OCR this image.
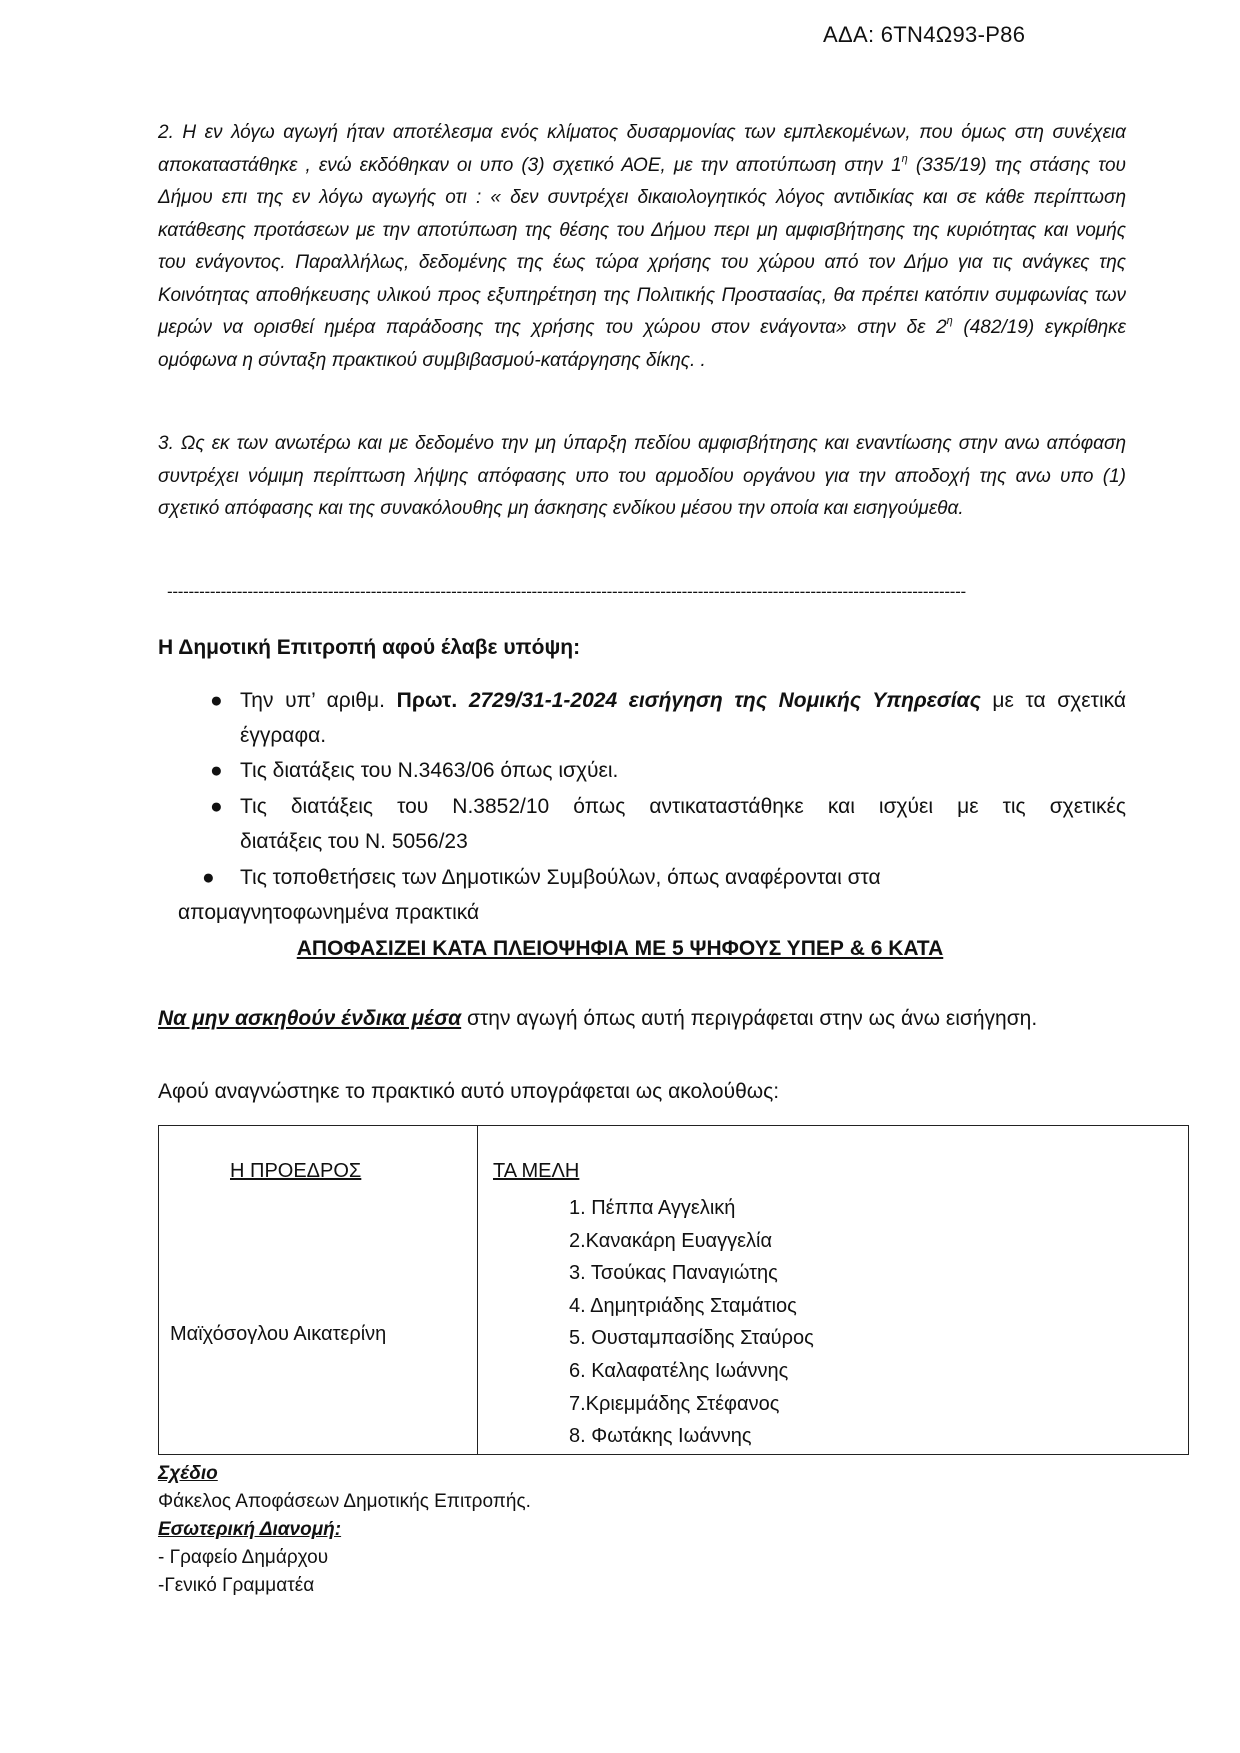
ΑΔΑ: 6ΤΝ4Ω93-Ρ86
2. Η εν λόγω αγωγή ήταν αποτέλεσμα ενός κλίματος δυσαρμονίας των εμπλεκομένων, που όμως στη συνέχεια αποκαταστάθηκε , ενώ εκδόθηκαν οι υπο (3) σχετικό ΑΟΕ, με την αποτύπωση στην $1^\eta$ (335/19) της στάσης του Δήμου επι της εν λόγω αγωγής οτι : « δεν συντρέχει δικαιολογητικός λόγος αντιδικίας και σε κάθε περίπτωση κατάθεσης προτάσεων με την αποτύπωση της θέσης του Δήμου περι μη αμφισβήτησης της κυριότητας και νομής του ενάγοντος. Παραλλήλως, δεδομένης της έως τώρα χρήσης του χώρου από τον Δήμο για τις ανάγκες της Κοινότητας αποθήκευσης υλικού προς εξυπηρέτηση της Πολιτικής Προστασίας, θα πρέπει κατόπιν συμφωνίας των μερών να ορισθεί ημέρα παράδοσης της χρήσης του χώρου στον ενάγοντα» στην δε $2^\eta$ (482/19) εγκρίθηκε ομόφωνα η σύνταξη πρακτικού συμβιβασμού-κατάργησης δίκης. .
3. Ως εκ των ανωτέρω και με δεδομένο την μη ύπαρξη πεδίου αμφισβήτησης και εναντίωσης στην ανω απόφαση συντρέχει νόμιμη περίπτωση λήψης απόφασης υπο του αρμοδίου οργάνου για την αποδοχή της ανω υπο (1) σχετικό απόφασης και της συνακόλουθης μη άσκησης ενδίκου μέσου την οποία και εισηγούμεθα.
-----------------------------------------------------------------------------------------------------------------------------------------------------
Η Δημοτική Επιτροπή αφού έλαβε υπόψη:
● Την υπ’ αριθμ. Πρωτ. 2729/31-1-2024 εισήγηση της Νομικής Υπηρεσίας με τα σχετικά έγγραφα.
● Τις διατάξεις του Ν.3463/06 όπως ισχύει.
● Τις διατάξεις του Ν.3852/10 όπως αντικαταστάθηκε και ισχύει με τις σχετικές
διατάξεις του Ν. 5056/23
● Τις τοποθετήσεις των Δημοτικών Συμβούλων, όπως αναφέρονται στα
απομαγνητοφωνημένα πρακτικά
ΑΠΟΦΑΣΙΖΕΙ ΚΑΤΑ ΠΛΕΙΟΨΗΦΙΑ ΜΕ 5 ΨΗΦΟΥΣ ΥΠΕΡ & 6 ΚΑΤΑ
Να μην ασκηθούν ένδικα μέσα στην αγωγή όπως αυτή περιγράφεται στην ως άνω εισήγηση.
Αφού αναγνώστηκε το πρακτικό αυτό υπογράφεται ως ακολούθως:
Η ΠΡΟΕΔΡΟΣ
Μαϊχόσογλου Αικατερίνη
ΤΑ ΜΕΛΗ
1. Πέππα Αγγελική
2.Κανακάρη Ευαγγελία
3. Τσούκας Παναγιώτης
4. Δημητριάδης Σταμάτιος
5. Ουσταμπασίδης Σταύρος
6. Καλαφατέλης Ιωάννης
7.Κριεμμάδης Στέφανος
8. Φωτάκης Ιωάννης
Σχέδιο
Φάκελος Αποφάσεων Δημοτικής Επιτροπής.
Εσωτερική Διανομή:
- Γραφείο Δημάρχου
-Γενικό Γραμματέα
